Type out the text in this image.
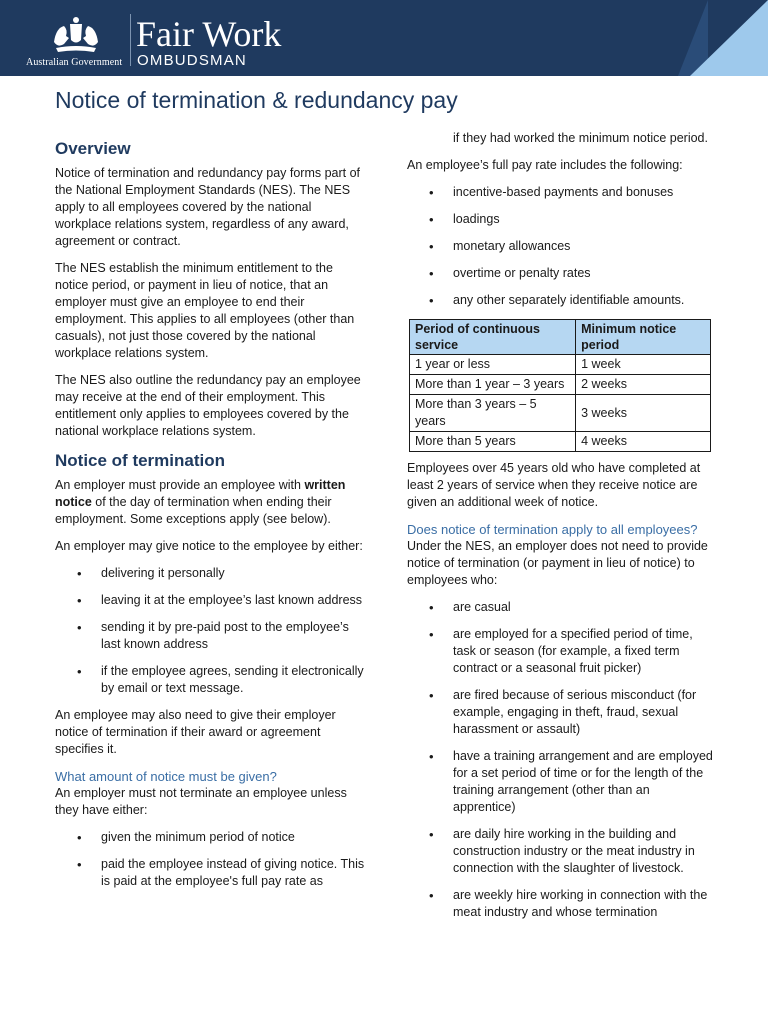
Australian Government
Fair Work
OMBUDSMAN
Notice of termination & redundancy pay
Overview

Notice of termination and redundancy pay forms part of the National Employment Standards (NES). The NES apply to all employees covered by the national workplace relations system, regardless of any award, agreement or contract.

The NES establish the minimum entitlement to the notice period, or payment in lieu of notice, that an employer must give an employee to end their employment. This applies to all employees (other than casuals), not just those covered by the national workplace relations system.

The NES also outline the redundancy pay an employee may receive at the end of their employment. This entitlement only applies to employees covered by the national workplace relations system.

Notice of termination

An employer must provide an employee with written notice of the day of termination when ending their employment. Some exceptions apply (see below).

An employer may give notice to the employee by either:

• delivering it personally
• leaving it at the employee’s last known address
• sending it by pre-paid post to the employee’s last known address
• if the employee agrees, sending it electronically by email or text message.

An employee may also need to give their employer notice of termination if their award or agreement specifies it.

What amount of notice must be given?

An employer must not terminate an employee unless they have either:

• given the minimum period of notice
• paid the employee instead of giving notice. This is paid at the employee's full pay rate as
if they had worked the minimum notice period.

An employee’s full pay rate includes the following:

• incentive-based payments and bonuses
• loadings
• monetary allowances
• overtime or penalty rates
• any other separately identifiable amounts.
Period of continuous service	Minimum notice period
1 year or less	1 week
More than 1 year – 3 years	2 weeks
More than 3 years – 5 years	3 weeks
More than 5 years	4 weeks

Employees over 45 years old who have completed at least 2 years of service when they receive notice are given an additional week of notice.

Does notice of termination apply to all employees?

Under the NES, an employer does not need to provide notice of termination (or payment in lieu of notice) to employees who:

• are casual
• are employed for a specified period of time, task or season (for example, a fixed term contract or a seasonal fruit picker)
• are fired because of serious misconduct (for example, engaging in theft, fraud, sexual harassment or assault)
• have a training arrangement and are employed for a set period of time or for the length of the training arrangement (other than an apprentice)
• are daily hire working in the building and construction industry or the meat industry in connection with the slaughter of livestock.
• are weekly hire working in connection with the meat industry and whose termination
